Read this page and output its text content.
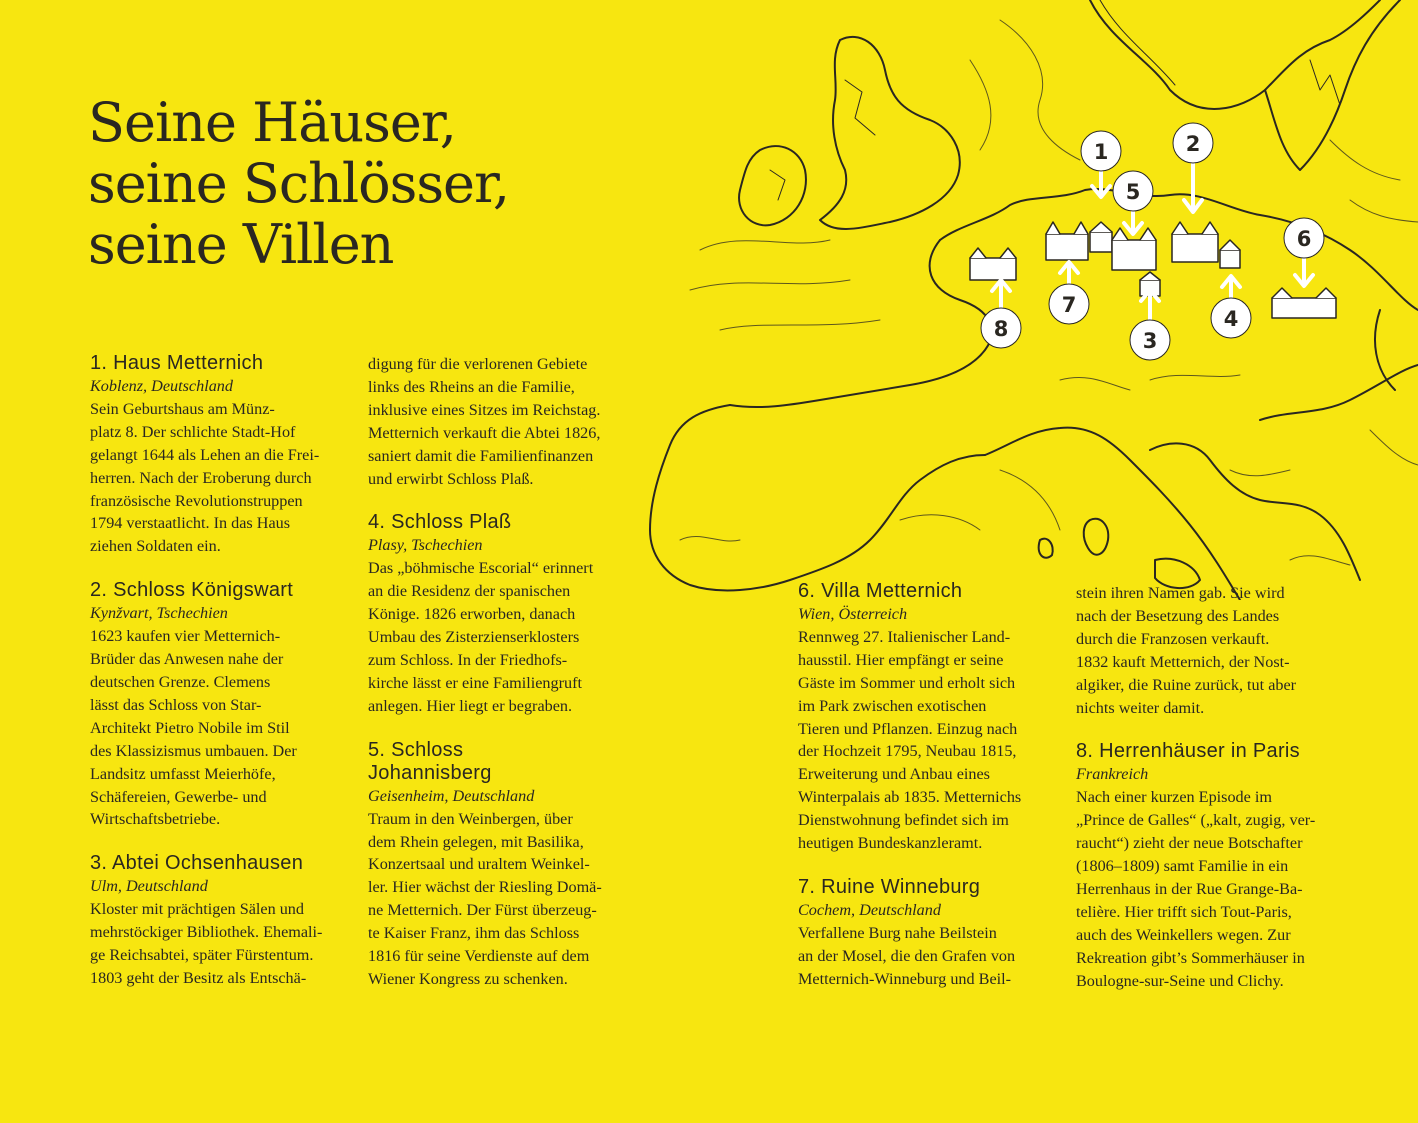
1	2
3
4
5
6
7
8
Seine Häuser,
seine Schlösser,
seine Villen
1. Haus Metternich

Koblenz, Deutschland

Sein Geburtshaus am Münz-

platz 8. Der schlichte Stadt-Hof

gelangt 1644 als Lehen an die Frei-

herren. Nach der Eroberung durch

französische Revolutionstruppen

1794 verstaatlicht. In das Haus

ziehen Soldaten ein.

2. Schloss Königswart

Kynžvart, Tschechien

1623 kaufen vier Metternich-

Brüder das Anwesen nahe der

deutschen Grenze. Clemens

lässt das Schloss von Star-

Architekt Pietro Nobile im Stil

des Klassizismus umbauen. Der

Landsitz umfasst Meierhöfe,

Schäfereien, Gewerbe- und

Wirtschaftsbetriebe.

3. Abtei Ochsenhausen

Ulm, Deutschland

Kloster mit prächtigen Sälen und

mehrstöckiger Bibliothek. Ehemali-

ge Reichsabtei, später Fürstentum.

1803 geht der Besitz als Entschä-

digung für die verlorenen Gebiete

links des Rheins an die Familie,

inklusive eines Sitzes im Reichstag.

Metternich verkauft die Abtei 1826,

saniert damit die Familienfinanzen

und erwirbt Schloss Plaß.

4. Schloss Plaß

Plasy, Tschechien

Das „böhmische Escorial“ erinnert

an die Residenz der spanischen

Könige. 1826 erworben, danach

Umbau des Zisterzienserklosters

zum Schloss. In der Friedhofs-

kirche lässt er eine Familiengruft

anlegen. Hier liegt er begraben.

5. Schloss
Johannisberg

Geisenheim, Deutschland

Traum in den Weinbergen, über

dem Rhein gelegen, mit Basilika,

Konzertsaal und uraltem Weinkel-

ler. Hier wächst der Riesling Domä-

ne Metternich. Der Fürst überzeug-

te Kaiser Franz, ihm das Schloss

1816 für seine Verdienste auf dem

Wiener Kongress zu schenken.

6. Villa Metternich

Wien, Österreich

Rennweg 27. Italienischer Land-

hausstil. Hier empfängt er seine

Gäste im Sommer und erholt sich

im Park zwischen exotischen

Tieren und Pflanzen. Einzug nach

der Hochzeit 1795, Neubau 1815,

Erweiterung und Anbau eines

Winterpalais ab 1835. Metternichs

Dienstwohnung befindet sich im

heutigen Bundeskanzleramt.

7. Ruine Winneburg

Cochem, Deutschland

Verfallene Burg nahe Beilstein

an der Mosel, die den Grafen von

Metternich-Winneburg und Beil-

stein ihren Namen gab. Sie wird

nach der Besetzung des Landes

durch die Franzosen verkauft.

1832 kauft Metternich, der Nost-

algiker, die Ruine zurück, tut aber

nichts weiter damit.

8. Herrenhäuser in Paris

Frankreich

Nach einer kurzen Episode im

„Prince de Galles“ („kalt, zugig, ver-

raucht“) zieht der neue Botschafter

(1806–1809) samt Familie in ein

Herrenhaus in der Rue Grange-Ba-

telière. Hier trifft sich Tout-Paris,

auch des Weinkellers wegen. Zur

Rekreation gibt’s Sommerhäuser in

Boulogne-sur-Seine und Clichy.
